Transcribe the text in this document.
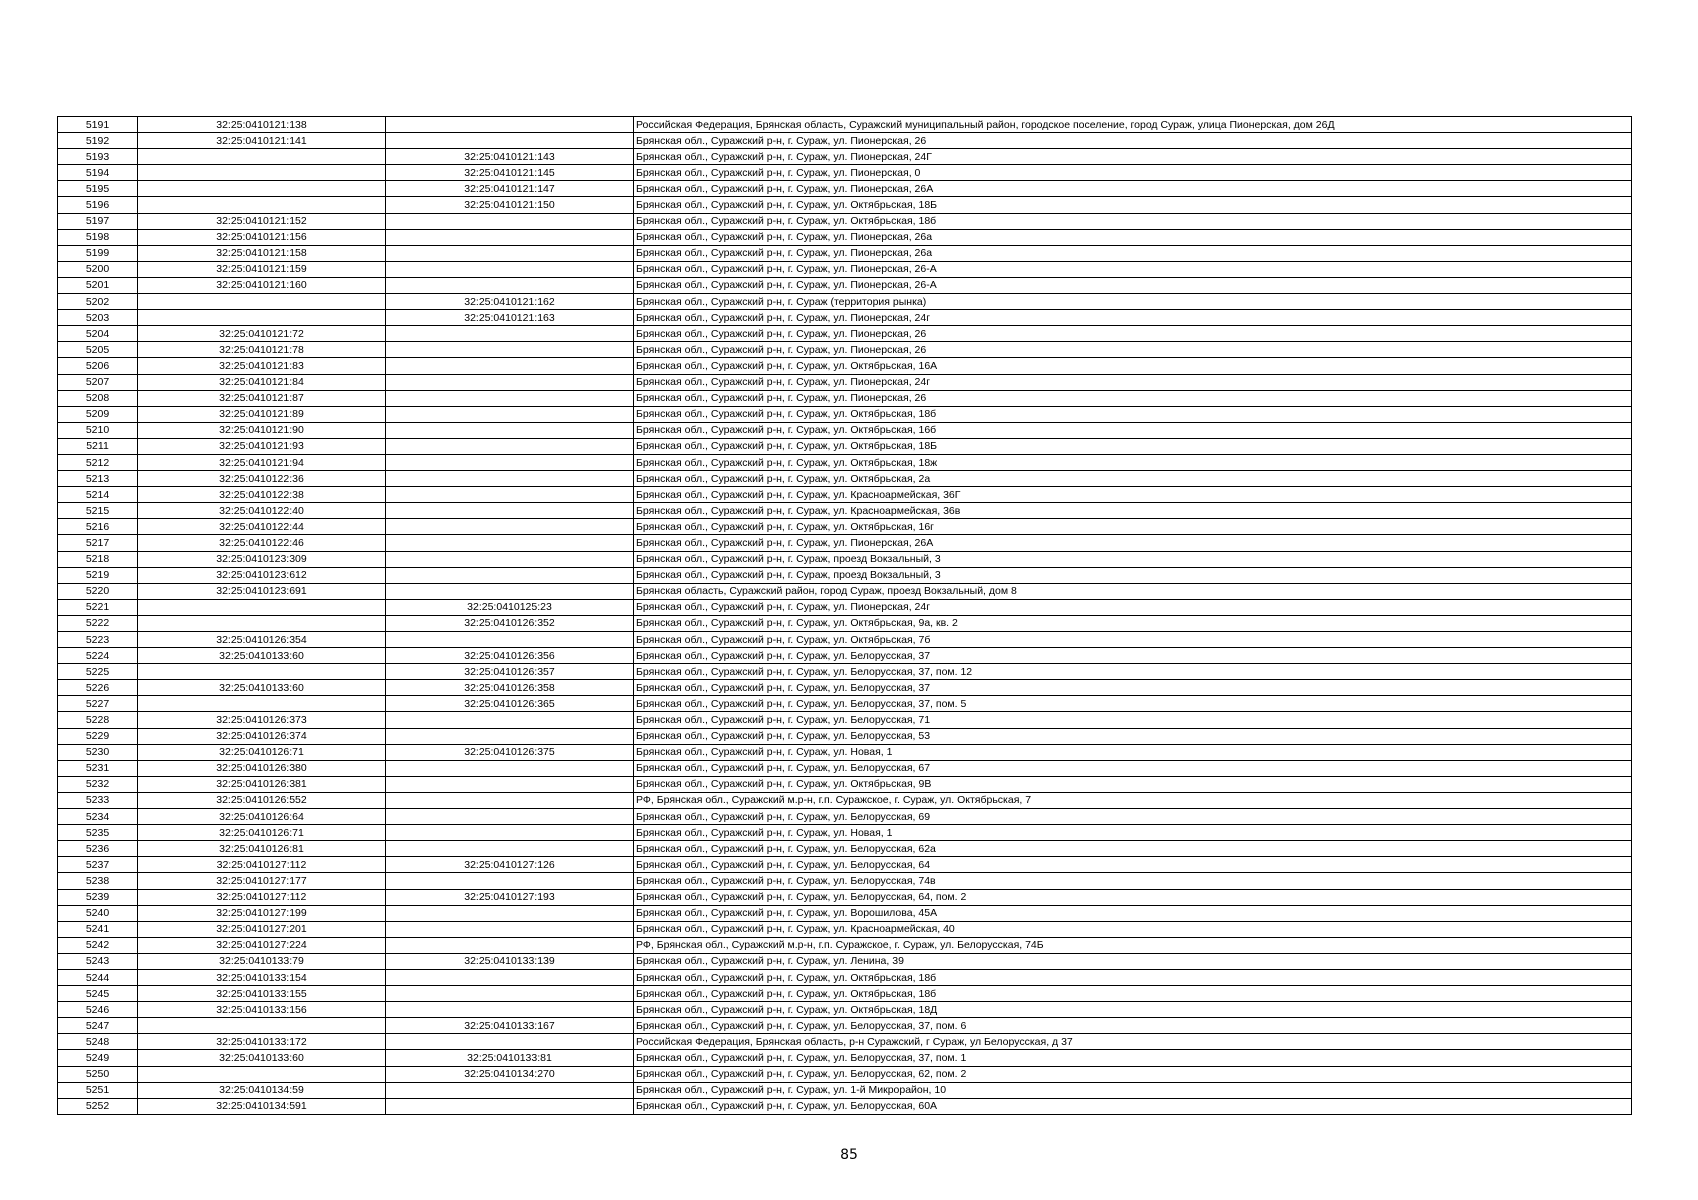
5191	32:25:0410121:138		Российская Федерация, Брянская область, Суражский муниципальный район, городское поселение, город Сураж, улица Пионерская, дом 26Д
5192	32:25:0410121:141		Брянская обл., Суражский р-н, г. Сураж, ул. Пионерская, 26
5193		32:25:0410121:143	Брянская обл., Суражский р-н, г. Сураж, ул. Пионерская, 24Г
5194		32:25:0410121:145	Брянская обл., Суражский р-н, г. Сураж, ул. Пионерская, 0
5195		32:25:0410121:147	Брянская обл., Суражский р-н, г. Сураж, ул. Пионерская, 26А
5196		32:25:0410121:150	Брянская обл., Суражский р-н, г. Сураж, ул. Октябрьская, 18Б
5197	32:25:0410121:152		Брянская обл., Суражский р-н, г. Сураж, ул. Октябрьская, 18б
5198	32:25:0410121:156		Брянская обл., Суражский р-н, г. Сураж, ул. Пионерская, 26а
5199	32:25:0410121:158		Брянская обл., Суражский р-н, г. Сураж, ул. Пионерская, 26а
5200	32:25:0410121:159		Брянская обл., Суражский р-н, г. Сураж, ул. Пионерская, 26-А
5201	32:25:0410121:160		Брянская обл., Суражский р-н, г. Сураж, ул. Пионерская, 26-А
5202		32:25:0410121:162	Брянская обл., Суражский р-н, г. Сураж (территория рынка)
5203		32:25:0410121:163	Брянская обл., Суражский р-н, г. Сураж, ул. Пионерская, 24г
5204	32:25:0410121:72		Брянская обл., Суражский р-н, г. Сураж, ул. Пионерская, 26
5205	32:25:0410121:78		Брянская обл., Суражский р-н, г. Сураж, ул. Пионерская, 26
5206	32:25:0410121:83		Брянская обл., Суражский р-н, г. Сураж, ул. Октябрьская, 16А
5207	32:25:0410121:84		Брянская обл., Суражский р-н, г. Сураж, ул. Пионерская, 24г
5208	32:25:0410121:87		Брянская обл., Суражский р-н, г. Сураж, ул. Пионерская, 26
5209	32:25:0410121:89		Брянская обл., Суражский р-н, г. Сураж, ул. Октябрьская, 18б
5210	32:25:0410121:90		Брянская обл., Суражский р-н, г. Сураж, ул. Октябрьская, 16б
5211	32:25:0410121:93		Брянская обл., Суражский р-н, г. Сураж, ул. Октябрьская, 18Б
5212	32:25:0410121:94		Брянская обл., Суражский р-н, г. Сураж, ул. Октябрьская, 18ж
5213	32:25:0410122:36		Брянская обл., Суражский р-н, г. Сураж, ул. Октябрьская, 2а
5214	32:25:0410122:38		Брянская обл., Суражский р-н, г. Сураж, ул. Красноармейская, 36Г
5215	32:25:0410122:40		Брянская обл., Суражский р-н, г. Сураж, ул. Красноармейская, 36в
5216	32:25:0410122:44		Брянская обл., Суражский р-н, г. Сураж, ул. Октябрьская, 16г
5217	32:25:0410122:46		Брянская обл., Суражский р-н, г. Сураж, ул. Пионерская, 26А
5218	32:25:0410123:309		Брянская обл., Суражский р-н, г. Сураж, проезд Вокзальный, 3
5219	32:25:0410123:612		Брянская обл., Суражский р-н, г. Сураж, проезд Вокзальный, 3
5220	32:25:0410123:691		Брянская область, Суражский район, город Сураж, проезд Вокзальный, дом 8
5221		32:25:0410125:23	Брянская обл., Суражский р-н, г. Сураж, ул. Пионерская, 24г
5222		32:25:0410126:352	Брянская обл., Суражский р-н, г. Сураж, ул. Октябрьская, 9а, кв. 2
5223	32:25:0410126:354		Брянская обл., Суражский р-н, г. Сураж, ул. Октябрьская, 7б
5224	32:25:0410133:60	32:25:0410126:356	Брянская обл., Суражский р-н, г. Сураж, ул. Белорусская, 37
5225		32:25:0410126:357	Брянская обл., Суражский р-н, г. Сураж, ул. Белорусская, 37, пом. 12
5226	32:25:0410133:60	32:25:0410126:358	Брянская обл., Суражский р-н, г. Сураж, ул. Белорусская, 37
5227		32:25:0410126:365	Брянская обл., Суражский р-н, г. Сураж, ул. Белорусская, 37, пом. 5
5228	32:25:0410126:373		Брянская обл., Суражский р-н, г. Сураж, ул. Белорусская, 71
5229	32:25:0410126:374		Брянская обл., Суражский р-н, г. Сураж, ул. Белорусская, 53
5230	32:25:0410126:71	32:25:0410126:375	Брянская обл., Суражский р-н, г. Сураж, ул. Новая, 1
5231	32:25:0410126:380		Брянская обл., Суражский р-н, г. Сураж, ул. Белорусская, 67
5232	32:25:0410126:381		Брянская обл., Суражский р-н, г. Сураж, ул. Октябрьская, 9В
5233	32:25:0410126:552		РФ, Брянская обл., Суражский м.р-н, г.п. Суражское, г. Сураж, ул. Октябрьская, 7
5234	32:25:0410126:64		Брянская обл., Суражский р-н, г. Сураж, ул. Белорусская, 69
5235	32:25:0410126:71		Брянская обл., Суражский р-н, г. Сураж, ул. Новая, 1
5236	32:25:0410126:81		Брянская обл., Суражский р-н, г. Сураж, ул. Белорусская, 62а
5237	32:25:0410127:112	32:25:0410127:126	Брянская обл., Суражский р-н, г. Сураж, ул. Белорусская, 64
5238	32:25:0410127:177		Брянская обл., Суражский р-н, г. Сураж, ул. Белорусская, 74в
5239	32:25:0410127:112	32:25:0410127:193	Брянская обл., Суражский р-н, г. Сураж, ул. Белорусская, 64, пом. 2
5240	32:25:0410127:199		Брянская обл., Суражский р-н, г. Сураж, ул. Ворошилова, 45А
5241	32:25:0410127:201		Брянская обл., Суражский р-н, г. Сураж, ул. Красноармейская, 40
5242	32:25:0410127:224		РФ, Брянская обл., Суражский м.р-н, г.п. Суражское, г. Сураж, ул. Белорусская, 74Б
5243	32:25:0410133:79	32:25:0410133:139	Брянская обл., Суражский р-н, г. Сураж, ул. Ленина, 39
5244	32:25:0410133:154		Брянская обл., Суражский р-н, г. Сураж, ул. Октябрьская, 18б
5245	32:25:0410133:155		Брянская обл., Суражский р-н, г. Сураж, ул. Октябрьская, 18б
5246	32:25:0410133:156		Брянская обл., Суражский р-н, г. Сураж, ул. Октябрьская, 18Д
5247		32:25:0410133:167	Брянская обл., Суражский р-н, г. Сураж, ул. Белорусская, 37, пом. 6
5248	32:25:0410133:172		Российская Федерация, Брянская область, р-н Суражский, г Сураж, ул Белорусская, д 37
5249	32:25:0410133:60	32:25:0410133:81	Брянская обл., Суражский р-н, г. Сураж, ул. Белорусская, 37, пом. 1
5250		32:25:0410134:270	Брянская обл., Суражский р-н, г. Сураж, ул. Белорусская, 62, пом. 2
5251	32:25:0410134:59		Брянская обл., Суражский р-н, г. Сураж, ул. 1-й Микрорайон, 10
5252	32:25:0410134:591		Брянская обл., Суражский р-н, г. Сураж, ул. Белорусская, 60А
85
